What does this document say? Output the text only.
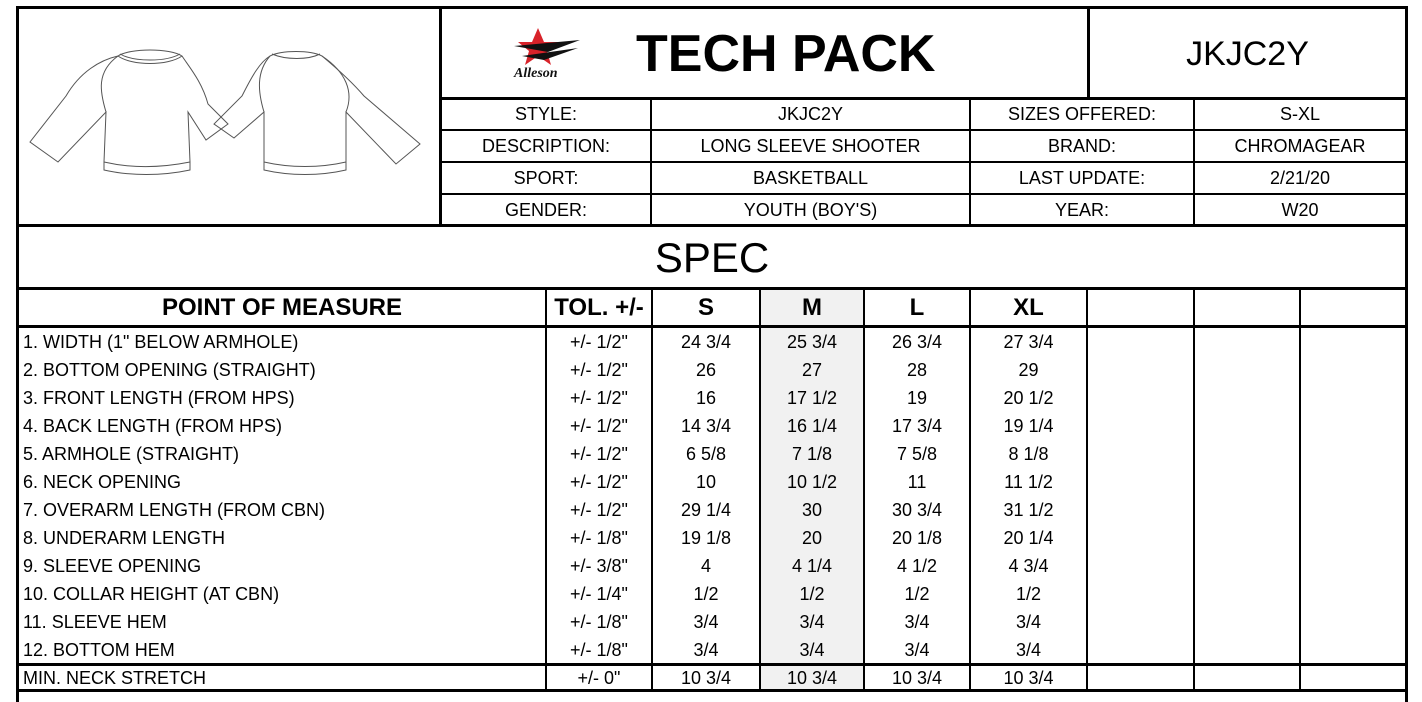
Alleson	TECH PACK	JKJC2Y
STYLE:	JKJC2Y	SIZES OFFERED:	S-XL
DESCRIPTION:	LONG SLEEVE SHOOTER	BRAND:	CHROMAGEAR
SPORT:	BASKETBALL	LAST UPDATE:	2/21/20
GENDER:	YOUTH (BOY'S)	YEAR:	W20
SPEC
POINT OF MEASURE	TOL. +/-	S	M	L	XL
1. WIDTH (1" BELOW ARMHOLE)	+/- 1/2"	24 3/4	25 3/4	26 3/4	27 3/4
2. BOTTOM OPENING (STRAIGHT)	+/- 1/2"	26	27	28	29
3. FRONT LENGTH (FROM HPS)	+/- 1/2"	16	17 1/2	19	20 1/2
4. BACK LENGTH (FROM HPS)	+/- 1/2"	14 3/4	16 1/4	17 3/4	19 1/4
5. ARMHOLE (STRAIGHT)	+/- 1/2"	6 5/8	7 1/8	7 5/8	8 1/8
6. NECK OPENING	+/- 1/2"	10	10 1/2	11	11 1/2
7. OVERARM LENGTH (FROM CBN)	+/- 1/2"	29 1/4	30	30 3/4	31 1/2
8. UNDERARM LENGTH	+/- 1/8"	19 1/8	20	20 1/8	20 1/4
9. SLEEVE OPENING	+/- 3/8"	4	4 1/4	4 1/2	4 3/4
10. COLLAR HEIGHT (AT CBN)	+/- 1/4"	1/2	1/2	1/2	1/2
11. SLEEVE HEM	+/- 1/8"	3/4	3/4	3/4	3/4
12. BOTTOM HEM	+/- 1/8"	3/4	3/4	3/4	3/4
MIN. NECK STRETCH	+/- 0"	10 3/4	10 3/4	10 3/4	10 3/4
